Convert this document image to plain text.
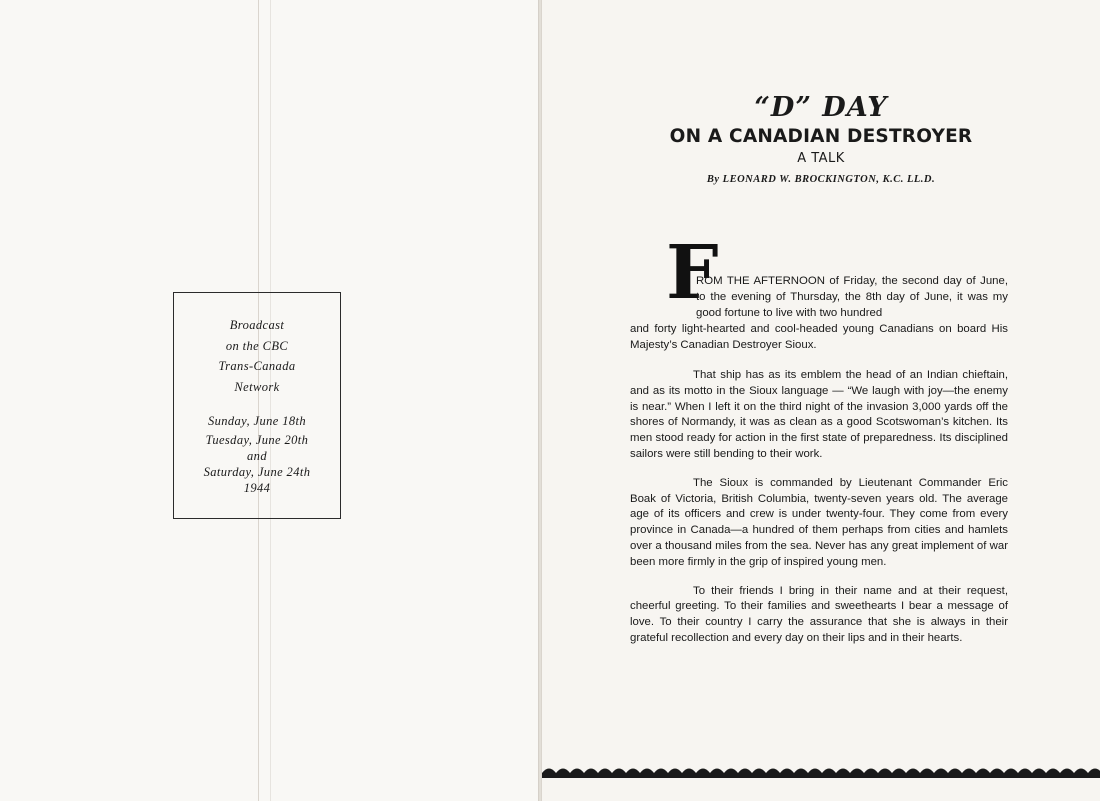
Broadcast
on the CBC
Trans-Canada
Network
Sunday, June 18th
Tuesday, June 20th
and
Saturday, June 24th
1944
“D” DAY
ON A CANADIAN DESTROYER
A TALK
By LEONARD W. BROCKINGTON, K.C. LL.D.
F
ROM THE AFTERNOON of Friday, the second day of June, to the evening of Thursday, the 8th day of June, it was my good fortune to live with two hundred
and forty light-hearted and cool-headed young Canadians on board His Majesty’s Canadian Destroyer Sioux.

That ship has as its emblem the head of an Indian chieftain, and as its motto in the Sioux language — “We laugh with joy—the enemy is near.” When I left it on the third night of the invasion 3,000 yards off the shores of Normandy, it was as clean as a good Scotswoman’s kitchen. Its men stood ready for action in the first state of preparedness. Its disciplined sailors were still bending to their work.

The Sioux is commanded by Lieutenant Commander Eric Boak of Victoria, British Columbia, twenty-seven years old. The average age of its officers and crew is under twenty-four. They come from every province in Canada—a hundred of them perhaps from cities and hamlets over a thousand miles from the sea. Never has any great implement of war been more firmly in the grip of inspired young men.

To their friends I bring in their name and at their request, cheerful greeting. To their families and sweethearts I bear a message of love. To their country I carry the assurance that she is always in their grateful recollection and every day on their lips and in their hearts.
